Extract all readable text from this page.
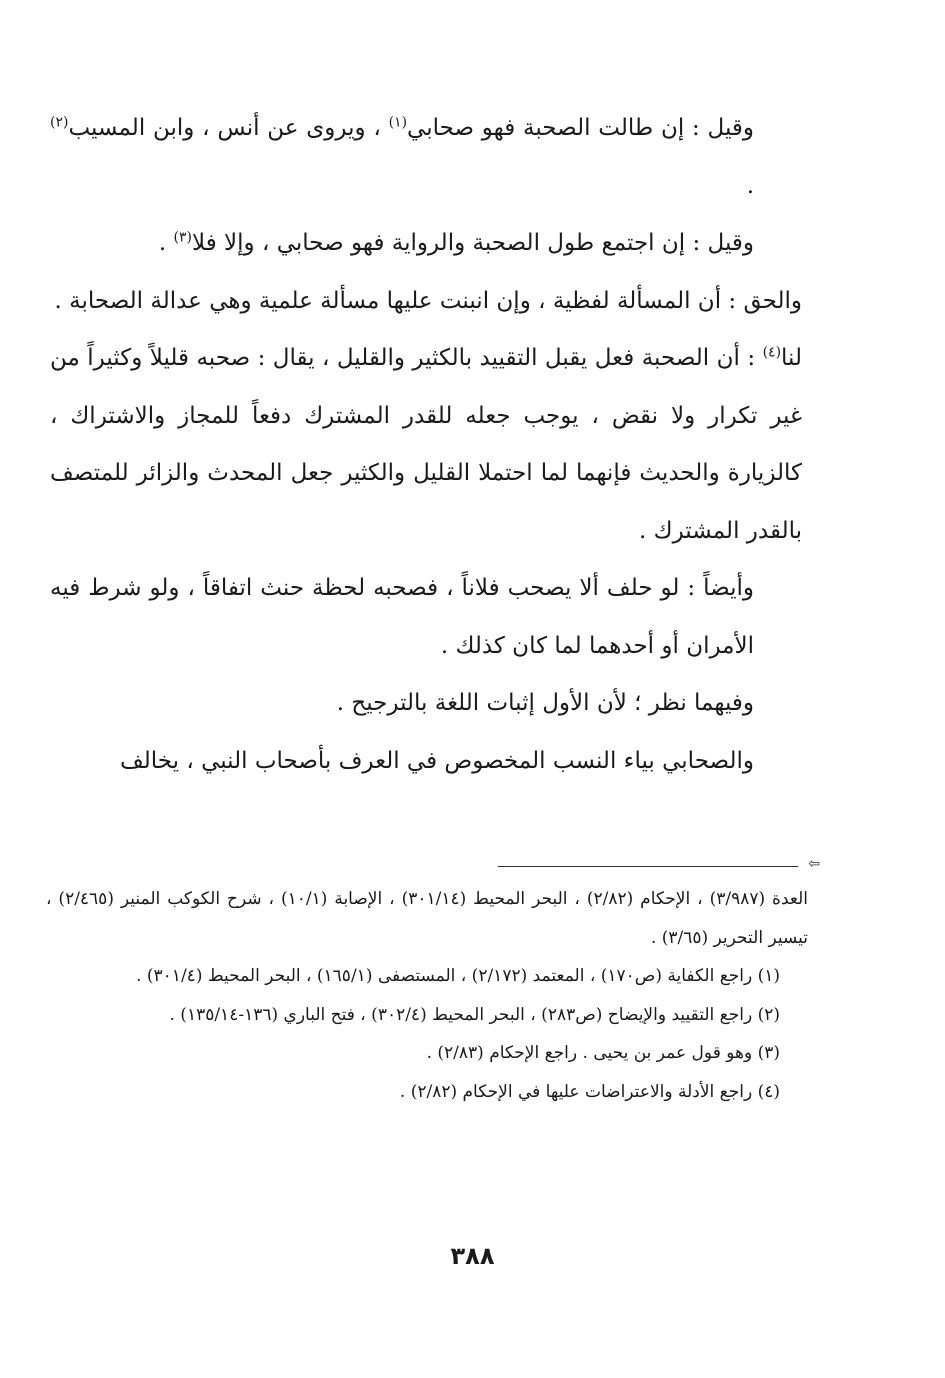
وقيل : إن طالت الصحبة فهو صحابي$^{(١)}$ ، ويروى عن أنس ، وابن المسيب$^{(٢)}$ .

وقيل : إن اجتمع طول الصحبة والرواية فهو صحابي ، وإلا فلا$^{(٣)}$ .

والحق : أن المسألة لفظية ، وإن انبنت عليها مسألة علمية وهي عدالة الصحابة .

لنا$^{(٤)}$ : أن الصحبة فعل يقبل التقييد بالكثير والقليل ، يقال : صحبه قليلاً وكثيراً من غير تكرار ولا نقض ، يوجب جعله للقدر المشترك دفعاً للمجاز والاشتراك ، كالزيارة والحديث فإنهما لما احتملا القليل والكثير جعل المحدث والزائر للمتصف بالقدر المشترك .

وأيضاً : لو حلف ألا يصحب فلاناً ، فصحبه لحظة حنث اتفاقاً ، ولو شرط فيه الأمران أو أحدهما لما كان كذلك .

وفيهما نظر ؛ لأن الأول إثبات اللغة بالترجيح .

والصحابي بياء النسب المخصوص في العرف بأصحاب النبي ، يخالف

⇦

العدة (٣/٩٨٧) ، الإحكام (٢/٨٢) ، البحر المحيط (٣٠١/١٤) ، الإصابة (١٠/١) ، شرح الكوكب المنير (٢/٤٦٥) ، تيسير التحرير (٣/٦٥) .

(١) راجع الكفاية (ص١٧٠) ، المعتمد (٢/١٧٢) ، المستصفى (١٦٥/١) ، البحر المحيط (٣٠١/٤) .

(٢) راجع التقييد والإيضاح (ص٢٨٣) ، البحر المحيط (٣٠٢/٤) ، فتح الباري (١٣٦-١٣٥/١٤) .

(٣) وهو قول عمر بن يحيى . راجع الإحكام (٢/٨٣) .

(٤) راجع الأدلة والاعتراضات عليها في الإحكام (٢/٨٢) .

٣٨٨
